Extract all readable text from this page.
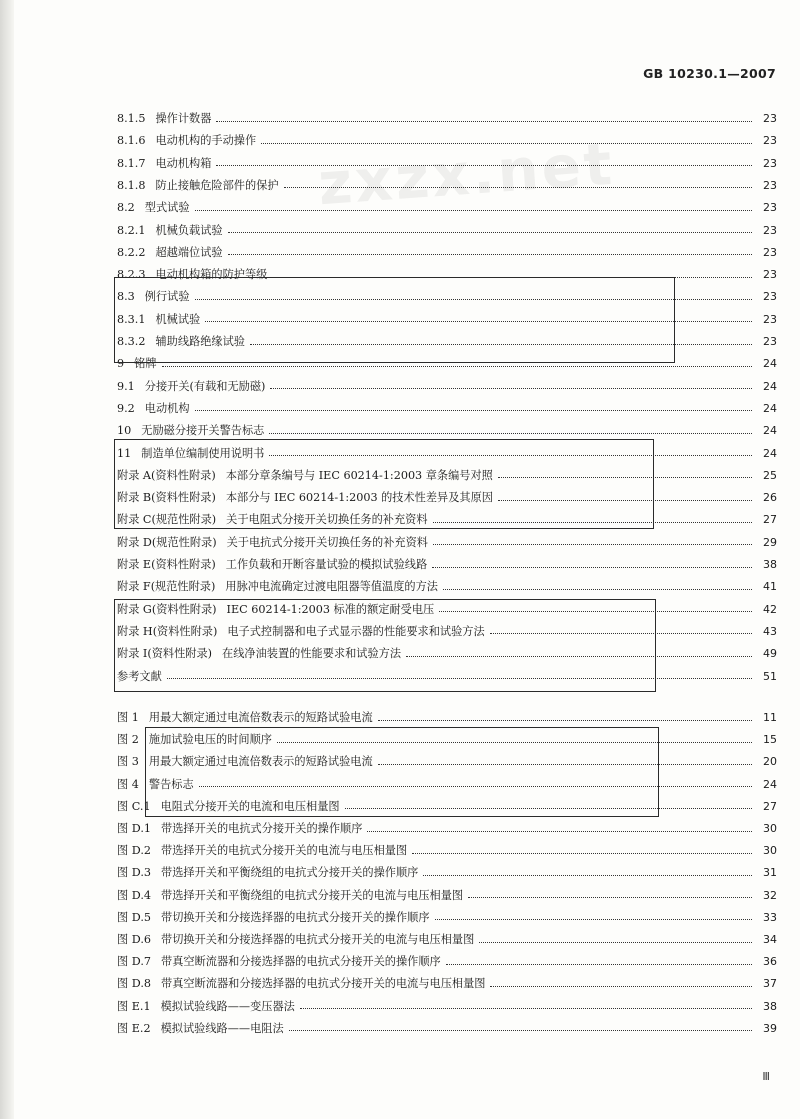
zxzx.net
GB 10230.1—2007
8.1.5 操作计数器	23
8.1.6 电动机构的手动操作	23
8.1.7 电动机构箱	23
8.1.8 防止接触危险部件的保护	23
8.2 型式试验	23
8.2.1 机械负载试验	23
8.2.2 超越端位试验	23
8.2.3 电动机构箱的防护等级	23
8.3 例行试验	23
8.3.1 机械试验	23
8.3.2 辅助线路绝缘试验	23
9 铭牌	24
9.1 分接开关(有载和无励磁)	24
9.2 电动机构	24
10 无励磁分接开关警告标志	24
11 制造单位编制使用说明书	24
附录 A(资料性附录) 本部分章条编号与 IEC 60214-1:2003 章条编号对照	25
附录 B(资料性附录) 本部分与 IEC 60214-1:2003 的技术性差异及其原因	26
附录 C(规范性附录) 关于电阻式分接开关切换任务的补充资料	27
附录 D(规范性附录) 关于电抗式分接开关切换任务的补充资料	29
附录 E(资料性附录) 工作负载和开断容量试验的模拟试验线路	38
附录 F(规范性附录) 用脉冲电流确定过渡电阻器等值温度的方法	41
附录 G(资料性附录) IEC 60214-1:2003 标准的额定耐受电压	42
附录 H(资料性附录) 电子式控制器和电子式显示器的性能要求和试验方法	43
附录 I(资料性附录) 在线净油装置的性能要求和试验方法	49
参考文献	51
图 1 用最大额定通过电流倍数表示的短路试验电流	11
图 2 施加试验电压的时间顺序	15
图 3 用最大额定通过电流倍数表示的短路试验电流	20
图 4 警告标志	24
图 C.1 电阻式分接开关的电流和电压相量图	27
图 D.1 带选择开关的电抗式分接开关的操作顺序	30
图 D.2 带选择开关的电抗式分接开关的电流与电压相量图	30
图 D.3 带选择开关和平衡绕组的电抗式分接开关的操作顺序	31
图 D.4 带选择开关和平衡绕组的电抗式分接开关的电流与电压相量图	32
图 D.5 带切换开关和分接选择器的电抗式分接开关的操作顺序	33
图 D.6 带切换开关和分接选择器的电抗式分接开关的电流与电压相量图	34
图 D.7 带真空断流器和分接选择器的电抗式分接开关的操作顺序	36
图 D.8 带真空断流器和分接选择器的电抗式分接开关的电流与电压相量图	37
图 E.1 模拟试验线路——变压器法	38
图 E.2 模拟试验线路——电阻法	39
Ⅲ
